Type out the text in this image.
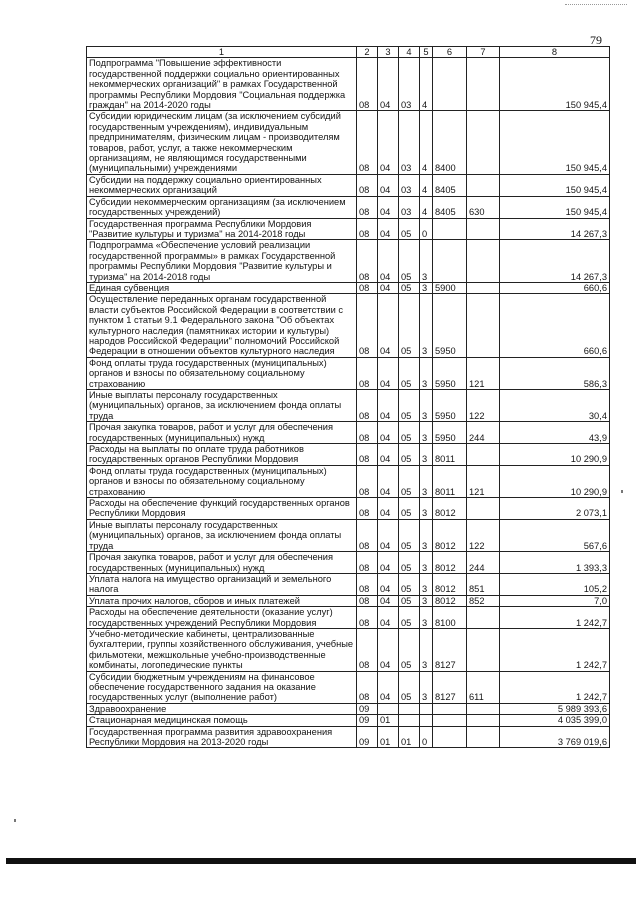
79
1	2	3	4	5	6	7	8
Подпрограмма "Повышение эффективности государственной поддержки социально ориентированных некоммерческих организаций" в рамках Государственной программы Республики Мордовия "Социальная поддержка граждан" на 2014-2020 годы	08	04	03	4			150 945,4
Субсидии юридическим лицам (за исключением субсидий государственным учреждениям), индивидуальным предпринимателям, физическим лицам - производителям товаров, работ, услуг, а также некоммерческим организациям, не являющимся государственными (муниципальными) учреждениями	08	04	03	4	8400		150 945,4
Субсидии на поддержку социально ориентированных некоммерческих организаций	08	04	03	4	8405		150 945,4
Субсидии некоммерческим организациям (за исключением государственных учреждений)	08	04	03	4	8405	630	150 945,4
Государственная программа Республики Мордовия "Развитие культуры и туризма" на 2014-2018 годы	08	04	05	0			14 267,3
Подпрограмма «Обеспечение условий реализации государственной программы» в рамках Государственной программы Республики Мордовия "Развитие культуры и туризма" на 2014-2018 годы	08	04	05	3			14 267,3
Единая субвенция	08	04	05	3	5900		660,6
Осуществление переданных органам государственной власти субъектов Российской Федерации в соответствии с пунктом 1 статьи 9.1 Федерального закона "Об объектах культурного наследия (памятниках истории и культуры) народов Российской Федерации" полномочий Российской Федерации в отношении объектов культурного наследия	08	04	05	3	5950		660,6
Фонд оплаты труда государственных (муниципальных) органов и взносы по обязательному социальному страхованию	08	04	05	3	5950	121	586,3
Иные выплаты персоналу государственных (муниципальных) органов, за исключением фонда оплаты труда	08	04	05	3	5950	122	30,4
Прочая закупка товаров, работ и услуг для обеспечения государственных (муниципальных) нужд	08	04	05	3	5950	244	43,9
Расходы на выплаты по оплате труда работников государственных органов Республики Мордовия	08	04	05	3	8011		10 290,9
Фонд оплаты труда государственных (муниципальных) органов и взносы по обязательному социальному страхованию	08	04	05	3	8011	121	10 290,9
Расходы на обеспечение функций государственных органов Республики Мордовия	08	04	05	3	8012		2 073,1
Иные выплаты персоналу государственных (муниципальных) органов, за исключением фонда оплаты труда	08	04	05	3	8012	122	567,6
Прочая закупка товаров, работ и услуг для обеспечения государственных (муниципальных) нужд	08	04	05	3	8012	244	1 393,3
Уплата налога на имущество организаций и земельного налога	08	04	05	3	8012	851	105,2
Уплата прочих налогов, сборов и иных платежей	08	04	05	3	8012	852	7,0
Расходы на обеспечение деятельности (оказание услуг) государственных учреждений Республики Мордовия	08	04	05	3	8100		1 242,7
Учебно-методические кабинеты, централизованные бухгалтерии, группы хозяйственного обслуживания, учебные фильмотеки, межшкольные учебно-производственные комбинаты, логопедические пункты	08	04	05	3	8127		1 242,7
Субсидии бюджетным учреждениям на финансовое обеспечение государственного задания на оказание государственных услуг (выполнение работ)	08	04	05	3	8127	611	1 242,7
Здравоохранение	09						5 989 393,6
Стационарная медицинская помощь	09	01					4 035 399,0
Государственная программа развития здравоохранения Республики Мордовия на 2013-2020 годы	09	01	01	0			3 769 019,6
